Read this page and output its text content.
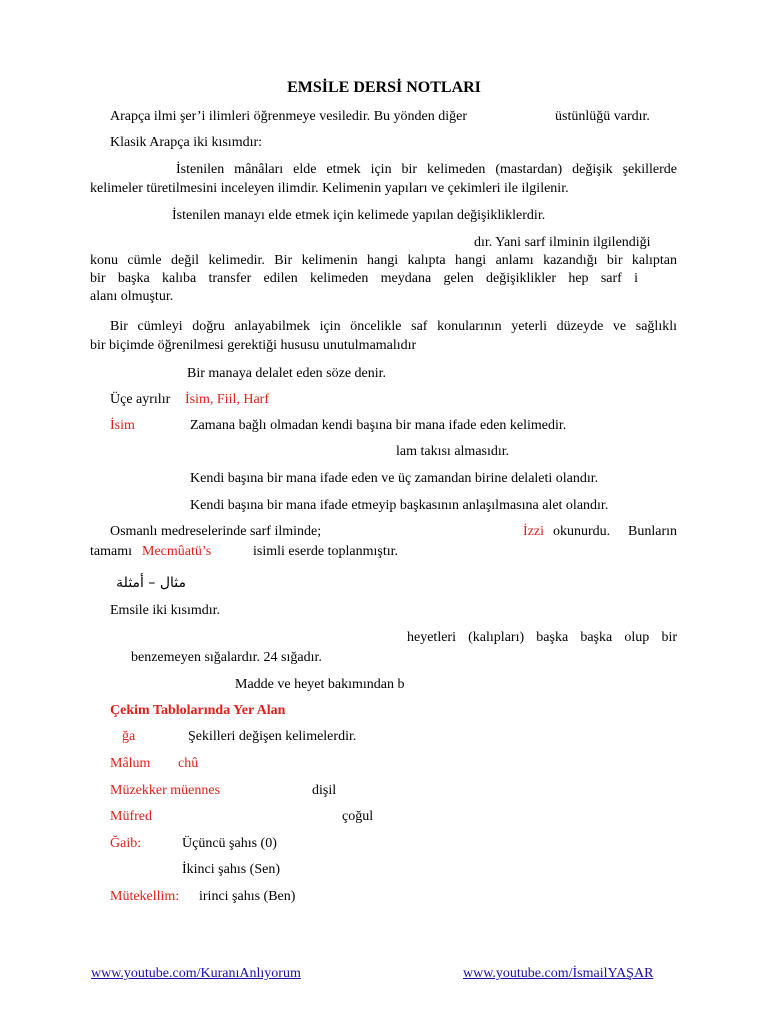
EMSİLE DERSİ NOTLARI
Arapça ilmi şer’i ilimleri öğrenmeye vesiledir. Bu yönden diğer	üstünlüğü vardır.
Klasik Arapça iki kısımdır:
İstenilen mânâları elde etmek için bir kelimeden (mastardan) değişik şekillerde
kelimeler türetilmesini inceleyen ilimdir. Kelimenin yapıları ve çekimleri ile ilgilenir.
İstenilen manayı elde etmek için kelimede yapılan değişikliklerdir.
dır. Yani sarf ilminin ilgilendiği
konu cümle değil kelimedir. Bir kelimenin hangi kalıpta hangi anlamı kazandığı bir kalıptan
bir başka kalıba transfer edilen kelimeden meydana gelen değişiklikler hep sarf i
alanı olmuştur.
Bir cümleyi doğru anlayabilmek için öncelikle saf konularının yeterli düzeyde ve sağlıklı
bir biçimde öğrenilmesi gerektiği hususu unutulmamalıdır
Bir manaya delalet eden söze denir.
Üçe ayrılır İsim, Fiil, Harf
İsim	Zamana bağlı olmadan kendi başına bir mana ifade eden kelimedir.
lam takısı almasıdır.
Kendi başına bir mana ifade eden ve üç zamandan birine delaleti olandır.
Kendi başına bir mana ifade etmeyip başkasının anlaşılmasına alet olandır.
Osmanlı medreselerinde sarf ilminde;	İzzi okunurdu. Bunların
tamamı Mecmûatü’s	isimli eserde toplanmıştır.
مثال – أمثلة
Emsile iki kısımdır.
heyetleri (kalıpları) başka başka olup bir
benzemeyen sığalardır. 24 sığadır.
Madde ve heyet bakımından b
Çekim Tablolarında Yer Alan
ğa	Şekilleri değişen kelimelerdir.
Mâlum chû
Müzekker müennes	dişil
Müfred	çoğul
Ğaib:	Üçüncü şahıs (0)
İkinci şahıs (Sen)
Mütekellim: irinci şahıs (Ben)
www.youtube.com/KuranıAnlıyorum	www.youtube.com/İsmailYAŞAR
